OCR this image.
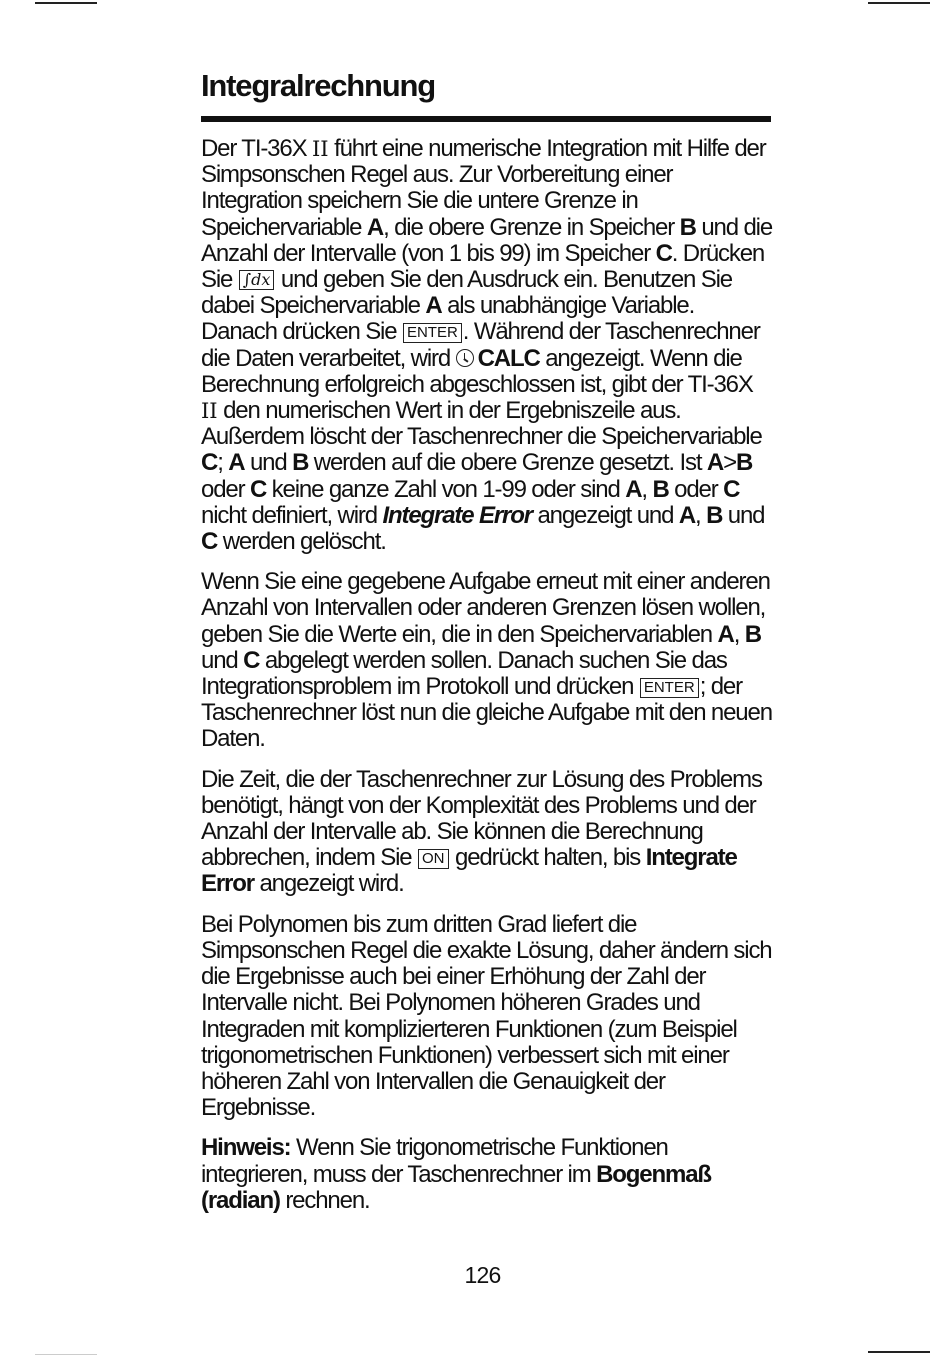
Integralrechnung

Der TI-36X II führt eine numerische Integration mit Hilfe der Simpsonschen Regel aus. Zur Vorbereitung einer Integration speichern Sie die untere Grenze in Speichervariable A, die obere Grenze in Speicher B und die Anzahl der Intervalle (von 1 bis 99) im Speicher C. Drücken Sie ∫dx und geben Sie den Ausdruck ein. Benutzen Sie dabei Speichervariable A als unabhängige Variable. Danach drücken Sie ENTER . Während der Taschenrechner die Daten verarbeitet, wird CALC angezeigt. Wenn die Berechnung erfolgreich abgeschlossen ist, gibt der TI-36X II den numerischen Wert in der Ergebniszeile aus. Außerdem löscht der Taschenrechner die Speichervariable C; A und B werden auf die obere Grenze gesetzt. Ist A>B oder C keine ganze Zahl von 1-99 oder sind A, B oder C nicht definiert, wird Integrate Error angezeigt und A, B und C werden gelöscht.

Wenn Sie eine gegebene Aufgabe erneut mit einer anderen Anzahl von Intervallen oder anderen Grenzen lösen wollen, geben Sie die Werte ein, die in den Speichervariablen A, B und C abgelegt werden sollen. Danach suchen Sie das Integrationsproblem im Protokoll und drücken ENTER ; der Taschenrechner löst nun die gleiche Aufgabe mit den neuen Daten.

Die Zeit, die der Taschenrechner zur Lösung des Problems benötigt, hängt von der Komplexität des Problems und der Anzahl der Intervalle ab. Sie können die Berechnung abbrechen, indem Sie ON gedrückt halten, bis Integrate Error angezeigt wird.

Bei Polynomen bis zum dritten Grad liefert die Simpsonschen Regel die exakte Lösung, daher ändern sich die Ergebnisse auch bei einer Erhöhung der Zahl der Intervalle nicht. Bei Polynomen höheren Grades und Integraden mit komplizierteren Funktionen (zum Beispiel trigonometrischen Funktionen) verbessert sich mit einer höheren Zahl von Intervallen die Genauigkeit der Ergebnisse.

Hinweis: Wenn Sie trigonometrische Funktionen integrieren, muss der Taschenrechner im Bogenmaß (radian) rechnen.

126
